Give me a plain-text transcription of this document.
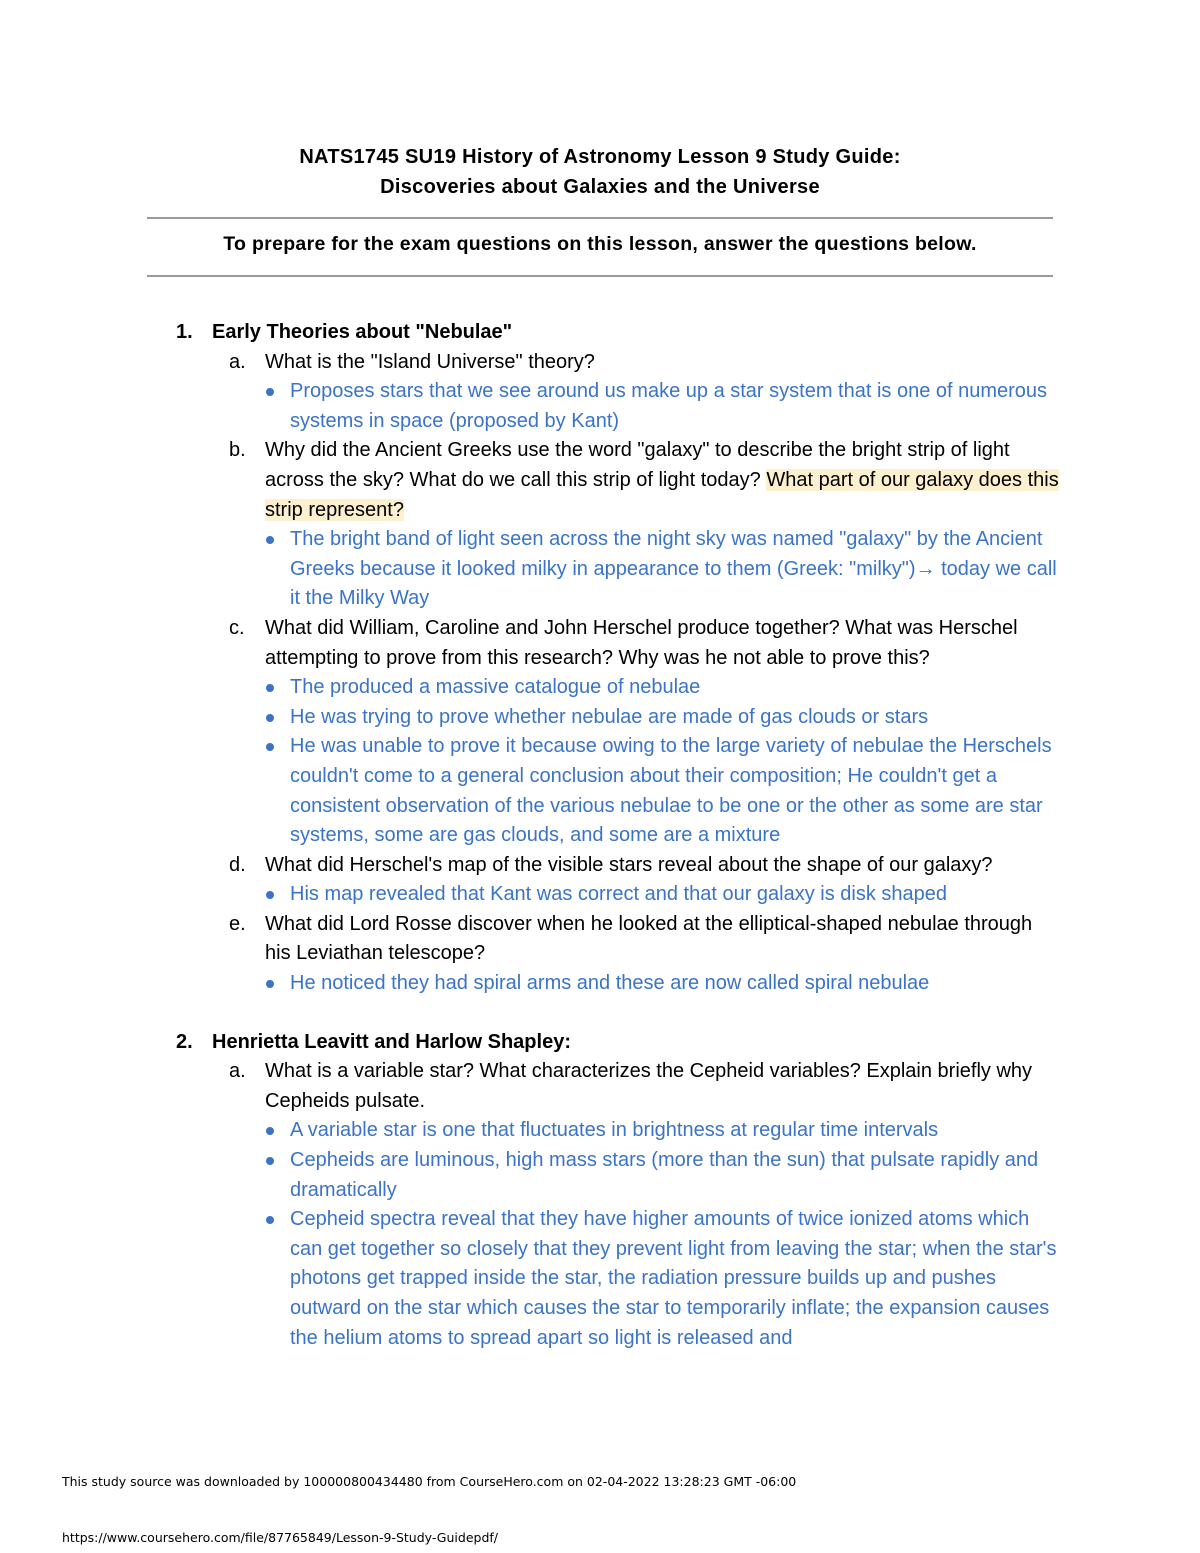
NATS1745 SU19 History of Astronomy Lesson 9 Study Guide:
Discoveries about Galaxies and the Universe
To prepare for the exam questions on this lesson, answer the questions below.
1. Early Theories about "Nebulae"
a. What is the "Island Universe" theory?
Proposes stars that we see around us make up a star system that is one of numerous systems in space (proposed by Kant)
b. Why did the Ancient Greeks use the word "galaxy" to describe the bright strip of light across the sky? What do we call this strip of light today? What part of our galaxy does this strip represent?
The bright band of light seen across the night sky was named "galaxy" by the Ancient Greeks because it looked milky in appearance to them (Greek: "milky")→ today we call it the Milky Way
c. What did William, Caroline and John Herschel produce together? What was Herschel attempting to prove from this research? Why was he not able to prove this?
The produced a massive catalogue of nebulae
He was trying to prove whether nebulae are made of gas clouds or stars
He was unable to prove it because owing to the large variety of nebulae the Herschels couldn't come to a general conclusion about their composition; He couldn't get a consistent observation of the various nebulae to be one or the other as some are star systems, some are gas clouds, and some are a mixture
d. What did Herschel's map of the visible stars reveal about the shape of our galaxy?
His map revealed that Kant was correct and that our galaxy is disk shaped
e. What did Lord Rosse discover when he looked at the elliptical-shaped nebulae through his Leviathan telescope?
He noticed they had spiral arms and these are now called spiral nebulae
2. Henrietta Leavitt and Harlow Shapley:
a. What is a variable star? What characterizes the Cepheid variables? Explain briefly why Cepheids pulsate.
A variable star is one that fluctuates in brightness at regular time intervals
Cepheids are luminous, high mass stars (more than the sun) that pulsate rapidly and dramatically
Cepheid spectra reveal that they have higher amounts of twice ionized atoms which can get together so closely that they prevent light from leaving the star; when the star's photons get trapped inside the star, the radiation pressure builds up and pushes outward on the star which causes the star to temporarily inflate; the expansion causes the helium atoms to spread apart so light is released and
This study source was downloaded by 100000800434480 from CourseHero.com on 02-04-2022 13:28:23 GMT -06:00
https://www.coursehero.com/file/87765849/Lesson-9-Study-Guidepdf/
